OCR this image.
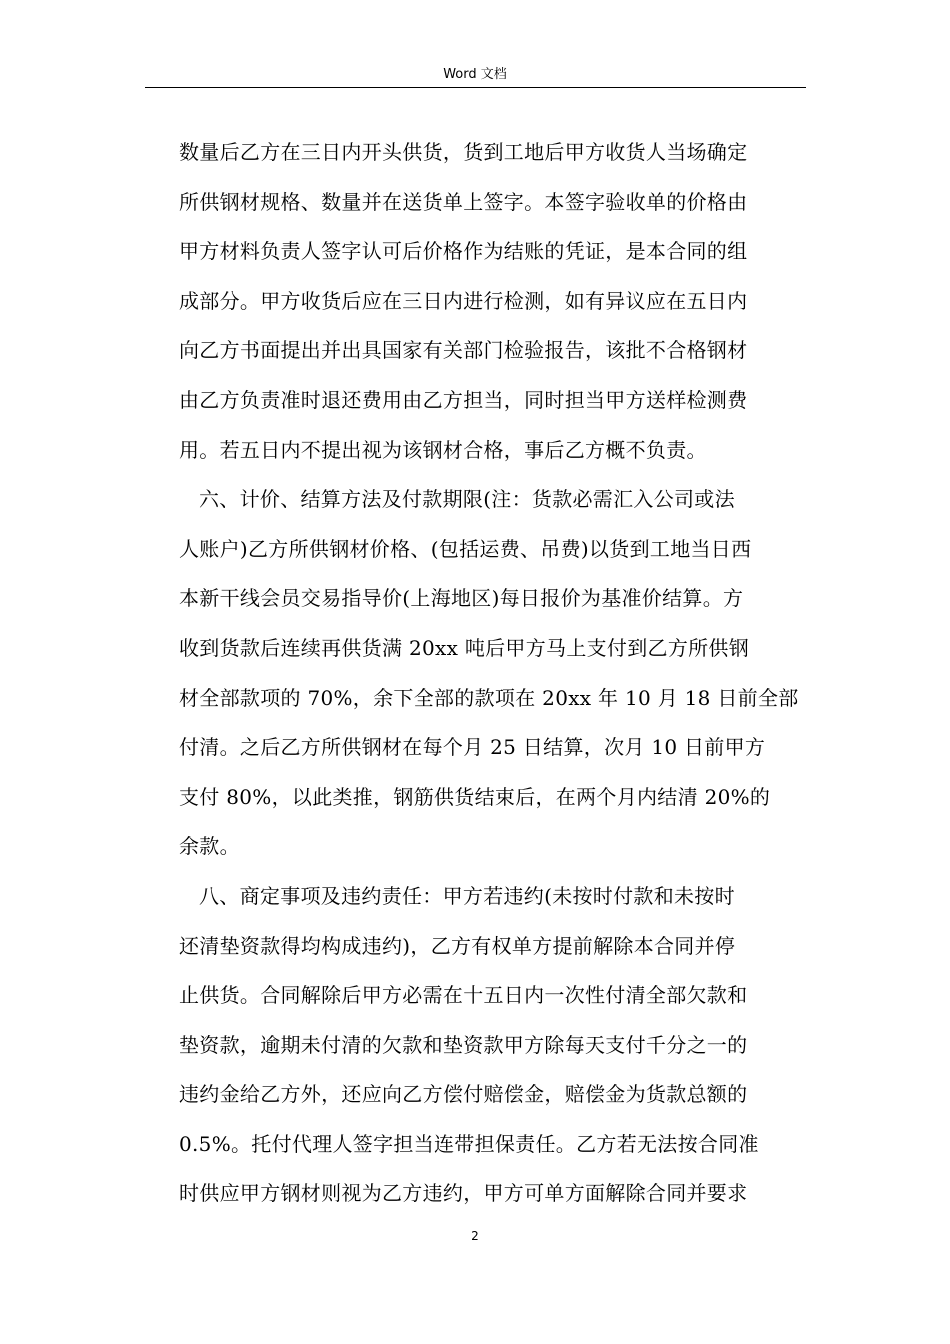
Word 文档
数量后乙方在三日内开头供货，货到工地后甲方收货人当场确定
所供钢材规格、数量并在送货单上签字。本签字验收单的价格由
甲方材料负责人签字认可后价格作为结账的凭证，是本合同的组
成部分。甲方收货后应在三日内进行检测，如有异议应在五日内
向乙方书面提出并出具国家有关部门检验报告，该批不合格钢材
由乙方负责准时退还费用由乙方担当，同时担当甲方送样检测费
用。若五日内不提出视为该钢材合格，事后乙方概不负责。
六、计价、结算方法及付款期限(注：货款必需汇入公司或法
人账户)乙方所供钢材价格、(包括运费、吊费)以货到工地当日西
本新干线会员交易指导价(上海地区)每日报价为基准价结算。方
收到货款后连续再供货满 20xx 吨后甲方马上支付到乙方所供钢
材全部款项的 70%，余下全部的款项在 20xx 年 10 月 18 日前全部
付清。之后乙方所供钢材在每个月 25 日结算，次月 10 日前甲方
支付 80%，以此类推，钢筋供货结束后，在两个月内结清 20%的
余款。
八、商定事项及违约责任：甲方若违约(未按时付款和未按时
还清垫资款得均构成违约)，乙方有权单方提前解除本合同并停
止供货。合同解除后甲方必需在十五日内一次性付清全部欠款和
垫资款，逾期未付清的欠款和垫资款甲方除每天支付千分之一的
违约金给乙方外，还应向乙方偿付赔偿金，赔偿金为货款总额的
0.5%。托付代理人签字担当连带担保责任。乙方若无法按合同准
时供应甲方钢材则视为乙方违约，甲方可单方面解除合同并要求
2
